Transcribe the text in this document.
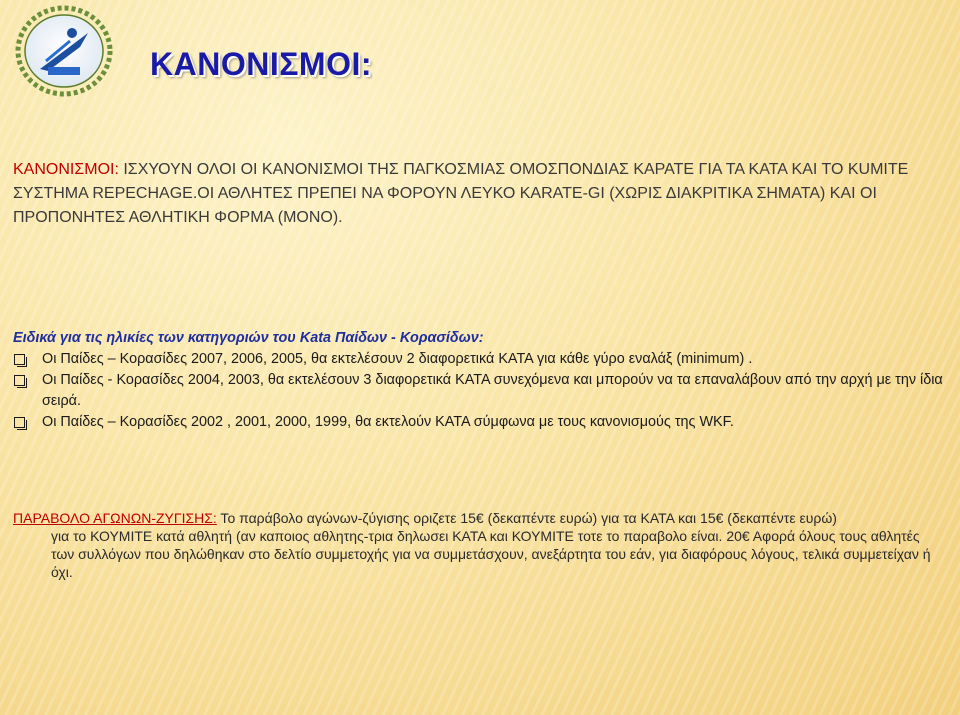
ΚΑΝΟΝΙΣΜΟΙ:
ΚΑΝΟΝΙΣΜΟΙ: ΙΣΧΥΟΥΝ ΟΛΟΙ ΟΙ ΚΑΝΟΝΙΣΜΟΙ ΤΗΣ ΠΑΓΚΟΣΜΙΑΣ ΟΜΟΣΠΟΝΔΙΑΣ ΚΑΡΑΤΕ ΓΙΑ ΤΑ ΚΑΤΑ ΚΑΙ ΤΟ KUMITE ΣΥΣΤΗΜΑ REPECHAGE.ΟΙ ΑΘΛΗΤΕΣ ΠΡΕΠΕΙ ΝΑ ΦΟΡΟΥΝ ΛΕΥΚΟ KARATE-GI (ΧΩΡΙΣ ΔΙΑΚΡΙΤΙΚΑ ΣΗΜΑΤΑ) ΚΑΙ ΟΙ ΠΡΟΠΟΝΗΤΕΣ ΑΘΛΗΤΙΚΗ ΦΟΡΜΑ (ΜΟΝΟ).
Ειδικά για τις ηλικίες των κατηγοριών του Kata Παίδων - Κορασίδων:
Οι Παίδες – Κορασίδες 2007, 2006, 2005, θα εκτελέσουν 2 διαφορετικά ΚΑΤΑ για κάθε γύρο εναλάξ (minimum) .
Οι Παίδες - Κορασίδες 2004, 2003, θα εκτελέσουν 3 διαφορετικά ΚΑΤΑ συνεχόμενα και μπορούν να τα επαναλάβουν από την αρχή με την ίδια σειρά.
Οι Παίδες – Κορασίδες 2002 , 2001, 2000, 1999, θα εκτελούν ΚΑΤΑ σύμφωνα με τους κανονισμούς της WKF.
ΠΑΡΑΒΟΛΟ ΑΓΩΝΩΝ-ΖΥΓΙΣΗΣ: Το παράβολο αγώνων-ζύγισης οριζετε 15€ (δεκαπέντε ευρώ) για τα ΚΑΤΑ και 15€ (δεκαπέντε ευρώ)
για το ΚΟΥΜΙΤΕ κατά αθλητή (αν καποιος αθλητης-τρια δηλωσει ΚΑΤΑ και ΚΟΥΜΙΤΕ τοτε το παραβολο είναι. 20€ Αφορά όλους τους αθλητές των συλλόγων που δηλώθηκαν στο δελτίο συμμετοχής για να συμμετάσχουν, ανεξάρτητα του εάν, για διαφόρους λόγους, τελικά συμμετείχαν ή όχι.
